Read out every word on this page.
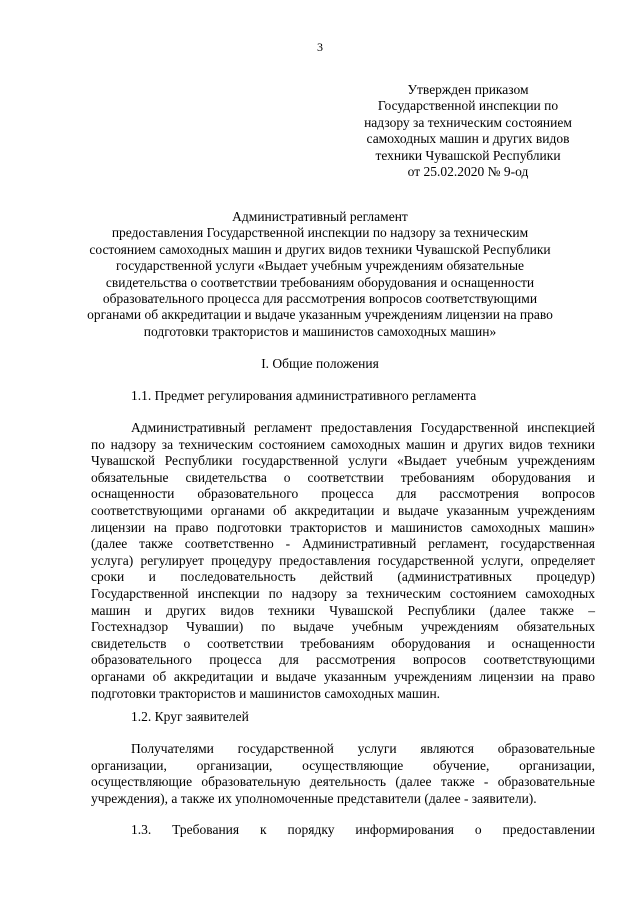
3
Утвержден приказом
Государственной инспекции по
надзору за техническим состоянием
самоходных машин и других видов
техники Чувашской Республики
от 25.02.2020 № 9-од
Административный регламент
предоставления Государственной инспекции по надзору за техническим
состоянием самоходных машин и других видов техники Чувашской Республики
государственной услуги «Выдает учебным учреждениям обязательные
свидетельства о соответствии требованиям оборудования и оснащенности
образовательного процесса для рассмотрения вопросов соответствующими
органами об аккредитации и выдаче указанным учреждениям лицензии на право
подготовки трактористов и машинистов самоходных машин»
I. Общие положения
1.1. Предмет регулирования административного регламента
Административный регламент предоставления Государственной инспекцией
по надзору за техническим состоянием самоходных машин и других видов техники
Чувашской Республики государственной услуги «Выдает учебным учреждениям
обязательные свидетельства о соответствии требованиям оборудования и
оснащенности образовательного процесса для рассмотрения вопросов
соответствующими органами об аккредитации и выдаче указанным учреждениям
лицензии на право подготовки трактористов и машинистов самоходных машин»
(далее также соответственно - Административный регламент, государственная
услуга) регулирует процедуру предоставления государственной услуги, определяет
сроки и последовательность действий (административных процедур)
Государственной инспекции по надзору за техническим состоянием самоходных
машин и других видов техники Чувашской Республики (далее также –
Гостехнадзор Чувашии) по выдаче учебным учреждениям обязательных
свидетельств о соответствии требованиям оборудования и оснащенности
образовательного процесса для рассмотрения вопросов соответствующими
органами об аккредитации и выдаче указанным учреждениям лицензии на право
подготовки трактористов и машинистов самоходных машин.
1.2. Круг заявителей
Получателями государственной услуги являются образовательные
организации, организации, осуществляющие обучение, организации,
осуществляющие образовательную деятельность (далее также - образовательные
учреждения), а также их уполномоченные представители (далее - заявители).
1.3. Требования к порядку информирования о предоставлении
